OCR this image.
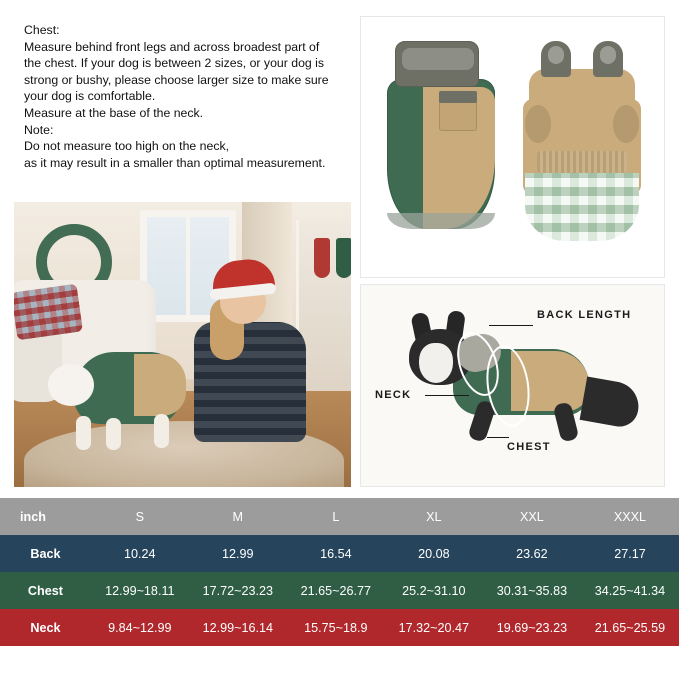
Chest:
Measure behind front legs and across broadest part of
the chest. If your dog is between 2 sizes, or your dog is
strong or bushy, please choose larger size to make sure
your dog is comfortable.
Measure at the base of the neck.
Note:
Do not measure too high on the neck,
as it may result in a smaller than optimal measurement.
BACK LENGTH
NECK
CHEST
inch	S	M	L	XL	XXL	XXXL
Back	10.24	12.99	16.54	20.08	23.62	27.17
Chest	12.99~18.11	17.72~23.23	21.65~26.77	25.2~31.10	30.31~35.83	34.25~41.34
Neck	9.84~12.99	12.99~16.14	15.75~18.9	17.32~20.47	19.69~23.23	21.65~25.59
